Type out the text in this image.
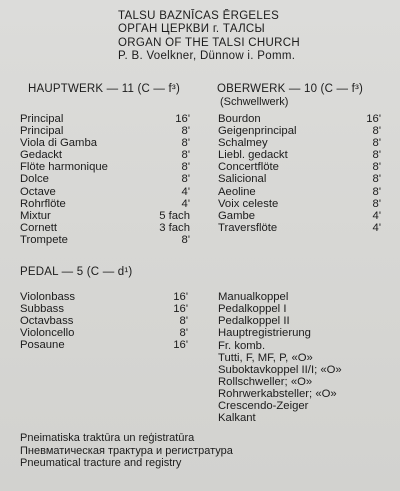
TALSU BAZNĪCAS ĒRGELES
ОРГАН ЦЕРКВИ г. ТАЛСЫ
ORGAN OF THE TALSI CHURCH
P. B. Voelkner, Dünnow i. Pomm.
HAUPTWERK — 11 (C — f³)
Principal	16'
Principal	8'
Viola di Gamba	8'
Gedackt	8'
Flöte harmonique	8'
Dolce	8'
Octave	4'
Rohrflöte	4'
Mixtur	5 fach
Cornett	3 fach
Trompete	8'
OBERWERK — 10 (C — f³)
(Schwellwerk)
Bourdon	16'
Geigenprincipal	8'
Schalmey	8'
Liebl. gedackt	8'
Concertflöte	8'
Salicional	8'
Aeoline	8'
Voix celeste	8'
Gambe	4'
Traversflöte	4'
PEDAL — 5 (C — d¹)
Violonbass	16'
Subbass	16'
Octavbass	8'
Violoncello	8'
Posaune	16'
Manualkoppel
Pedalkoppel I
Pedalkoppel II
Hauptregistrierung
Fr. komb.
Tutti, F, MF, P, «O»
Suboktavkoppel II/I; «O»
Rollschweller; «O»
Rohrwerkabsteller; «O»
Crescendo-Zeiger
Kalkant
Pneimatiska traktūra un reģistratūra
Пневматическая трактура и регистратура
Pneumatical tracture and registry
